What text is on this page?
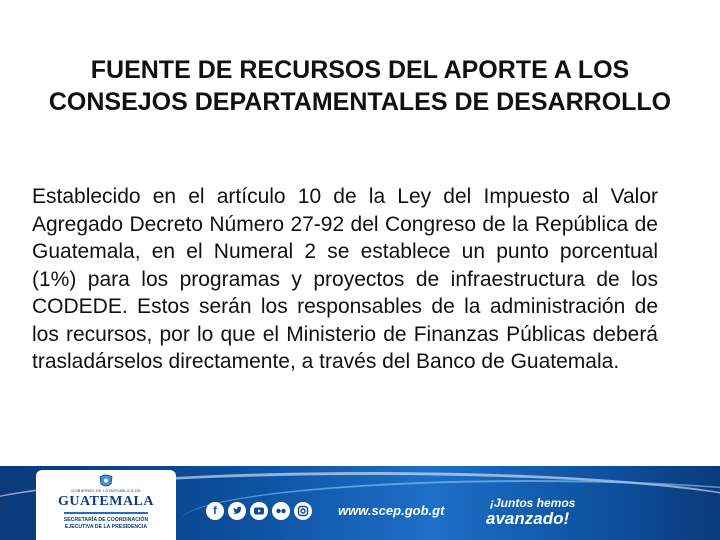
FUENTE DE RECURSOS DEL APORTE A LOS CONSEJOS DEPARTAMENTALES DE DESARROLLO
Establecido en el artículo 10 de la Ley del Impuesto al Valor Agregado Decreto Número 27-92 del Congreso de la República de Guatemala, en el Numeral 2 se establece un punto porcentual (1%) para los programas y proyectos de infraestructura de los CODEDE. Estos serán los responsables de la administración de los recursos, por lo que el Ministerio de Finanzas Públicas deberá trasladárselos directamente, a través del Banco de Guatemala.
GOBIERNO DE LA REPÚBLICA DE
GUATEMALA
SECRETARÍA DE COORDINACIÓN
EJECUTIVA DE LA PRESIDENCIA
f	www.scep.gob.gt	¡Juntos hemos
avanzado!
